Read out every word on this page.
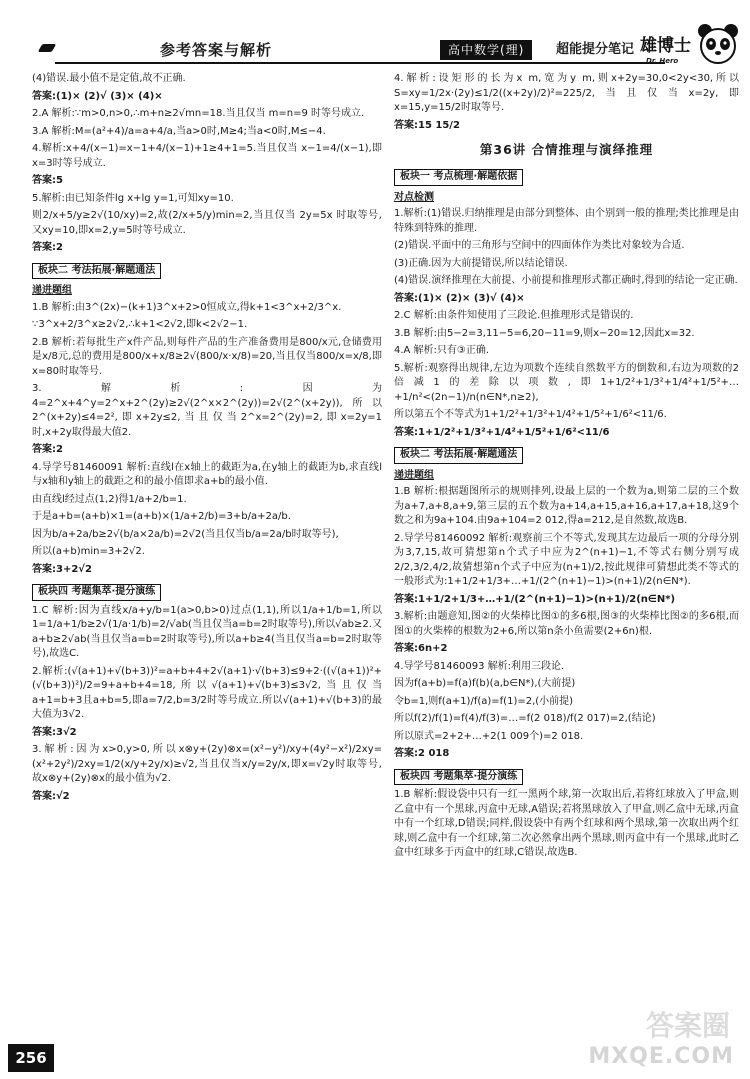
参考答案与解析	高中数学(理)	超能提分笔记 雄博士
Dr. Hero
(4)错误.最小值不是定值,故不正确.
答案:(1)× (2)√ (3)× (4)×
2.A 解析:∵m>0,n>0,∴m+n≥2√mn=18.当且仅当 m=n=9 时等号成立.
3.A 解析:M=(a²+4)/a=a+4/a,当a>0时,M≥4;当a<0时,M≤−4.
4.解析:x+4/(x−1)=x−1+4/(x−1)+1≥4+1=5.当且仅当 x−1=4/(x−1),即x=3时等号成立.
答案:5
5.解析:由已知条件lg x+lg y=1,可知xy=10.
则2/x+5/y≥2√(10/xy)=2,故(2/x+5/y)min=2,当且仅当 2y=5x 时取等号,又xy=10,即x=2,y=5时等号成立.
答案:2
板块二 考法拓展·解题通法
递进题组
1.B 解析:由3^(2x)−(k+1)3^x+2>0恒成立,得k+1<3^x+2/3^x.
∵3^x+2/3^x≥2√2,∴k+1<2√2,即k<2√2−1.
2.B 解析:若每批生产x件产品,则每件产品的生产准备费用是800/x元,仓储费用是x/8元,总的费用是800/x+x/8≥2√(800/x·x/8)=20,当且仅当800/x=x/8,即x=80时取等号.
3.解析:因为4=2^x+4^y=2^x+2^(2y)≥2√(2^x×2^(2y))=2√(2^(x+2y)),所以2^(x+2y)≤4=2²,即x+2y≤2,当且仅当2^x=2^(2y)=2,即x=2y=1时,x+2y取得最大值2.
答案:2
4.导学号81460091 解析:直线l在x轴上的截距为a,在y轴上的截距为b,求直线l与x轴和y轴上的截距之和的最小值即求a+b的最小值.
由直线l经过点(1,2)得1/a+2/b=1.
于是a+b=(a+b)×1=(a+b)×(1/a+2/b)=3+b/a+2a/b.
因为b/a+2a/b≥2√(b/a×2a/b)=2√2(当且仅当b/a=2a/b时取等号),
所以(a+b)min=3+2√2.
答案:3+2√2
板块四 考题集萃·提分演练
1.C 解析:因为直线x/a+y/b=1(a>0,b>0)过点(1,1),所以1/a+1/b=1,所以1=1/a+1/b≥2√(1/a·1/b)=2/√ab(当且仅当a=b=2时取等号),所以√ab≥2.又a+b≥2√ab(当且仅当a=b=2时取等号),所以a+b≥4(当且仅当a=b=2时取等号),故选C.
2.解析:(√(a+1)+√(b+3))²=a+b+4+2√(a+1)·√(b+3)≤9+2·((√(a+1))²+(√(b+3))²)/2=9+a+b+4=18,所以√(a+1)+√(b+3)≤3√2,当且仅当a+1=b+3且a+b=5,即a=7/2,b=3/2时等号成立.所以√(a+1)+√(b+3)的最大值为3√2.
答案:3√2
3.解析:因为x>0,y>0,所以x⊗y+(2y)⊗x=(x²−y²)/xy+(4y²−x²)/2xy=(x²+2y²)/2xy=1/2(x/y+2y/x)≥√2,当且仅当x/y=2y/x,即x=√2y时取等号,故x⊗y+(2y)⊗x的最小值为√2.
答案:√2
4.解析:设矩形的长为x m,宽为y m,则x+2y=30,0<2y<30,所以S=xy=1/2x·(2y)≤1/2((x+2y)/2)²=225/2,当且仅当x=2y,即x=15,y=15/2时取等号.
答案:15 15/2
第36讲 合情推理与演绎推理
板块一 考点梳理·解题依据
对点检测
1.解析:(1)错误.归纳推理是由部分到整体、由个别到一般的推理;类比推理是由特殊到特殊的推理.
(2)错误.平面中的三角形与空间中的四面体作为类比对象较为合适.
(3)正确.因为大前提错误,所以结论错误.
(4)错误.演绎推理在大前提、小前提和推理形式都正确时,得到的结论一定正确.
答案:(1)× (2)× (3)√ (4)×
2.C 解析:由条件知使用了三段论.但推理形式是错误的.
3.B 解析:由5−2=3,11−5=6,20−11=9,则x−20=12,因此x=32.
4.A 解析:只有③正确.
5.解析:观察得出规律,左边为项数个连续自然数平方的倒数和,右边为项数的2倍减1的差除以项数,即1+1/2²+1/3²+1/4²+1/5²+…+1/n²<(2n−1)/n(n∈N*,n≥2),
所以第五个不等式为1+1/2²+1/3²+1/4²+1/5²+1/6²<11/6.
答案:1+1/2²+1/3²+1/4²+1/5²+1/6²<11/6
板块二 考法拓展·解题通法
递进题组
1.B 解析:根据题图所示的规则排列,设最上层的一个数为a,则第二层的三个数为a+7,a+8,a+9,第三层的五个数为a+14,a+15,a+16,a+17,a+18,这9个数之和为9a+104.由9a+104=2 012,得a=212,是自然数,故选B.
2.导学号81460092 解析:观察前三个不等式,发现其左边最后一项的分母分别为3,7,15,故可猜想第n个式子中应为2^(n+1)−1,不等式右侧分别写成2/2,3/2,4/2,故猜想第n个式子中应为(n+1)/2,按此规律可猜想此类不等式的一般形式为:1+1/2+1/3+…+1/(2^(n+1)−1)>(n+1)/2(n∈N*).
答案:1+1/2+1/3+…+1/(2^(n+1)−1)>(n+1)/2(n∈N*)
3.解析:由题意知,图②的火柴棒比图①的多6根,图③的火柴棒比图②的多6根,而图①的火柴棒的根数为2+6,所以第n条小鱼需要(2+6n)根.
答案:6n+2
4.导学号81460093 解析:利用三段论.
因为f(a+b)=f(a)f(b)(a,b∈N*),(大前提)
令b=1,则f(a+1)/f(a)=f(1)=2,(小前提)
所以f(2)/f(1)=f(4)/f(3)=…=f(2 018)/f(2 017)=2,(结论)
所以原式=2+2+…+2(1 009个)=2 018.
答案:2 018
板块四 考题集萃·提分演练
1.B 解析:假设袋中只有一红一黑两个球,第一次取出后,若将红球放入了甲盒,则乙盒中有一个黑球,丙盒中无球,A错误;若将黑球放入了甲盒,则乙盒中无球,丙盒中有一个红球,D错误;同样,假设袋中有两个红球和两个黑球,第一次取出两个红球,则乙盒中有一个红球,第二次必然拿出两个黑球,则丙盒中有一个黑球,此时乙盒中红球多于丙盒中的红球,C错误,故选B.
256
答案圈
MXQE.COM
